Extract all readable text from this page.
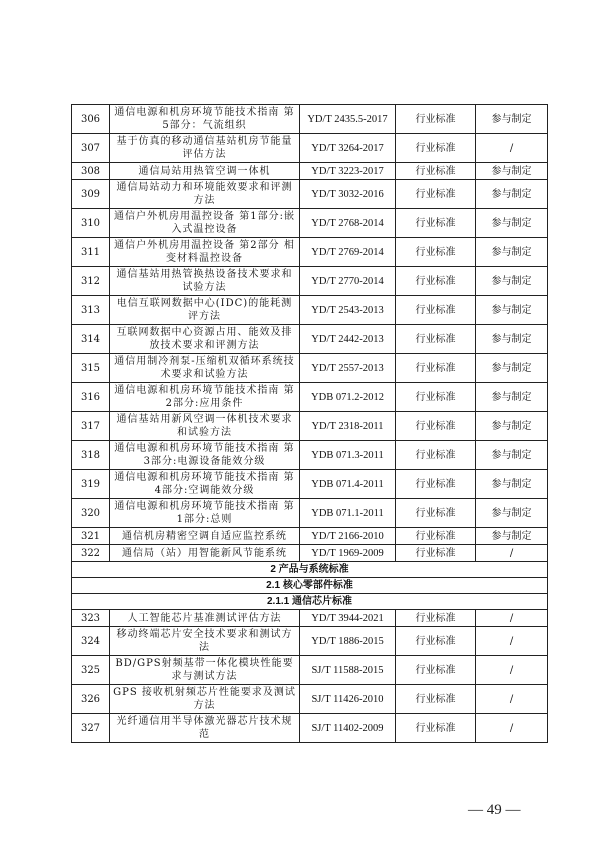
306	通信电源和机房环境节能技术指南 第5部分：气流组织	YD/T 2435.5-2017	行业标准	参与制定
307	基于仿真的移动通信基站机房节能量评估方法	YD/T 3264-2017	行业标准	/
308	通信局站用热管空调一体机	YD/T 3223-2017	行业标准	参与制定
309	通信局站动力和环境能效要求和评测方法	YD/T 3032-2016	行业标准	参与制定
310	通信户外机房用温控设备 第1部分:嵌入式温控设备	YD/T 2768-2014	行业标准	参与制定
311	通信户外机房用温控设备 第2部分 相变材料温控设备	YD/T 2769-2014	行业标准	参与制定
312	通信基站用热管换热设备技术要求和试验方法	YD/T 2770-2014	行业标准	参与制定
313	电信互联网数据中心(IDC)的能耗测评方法	YD/T 2543-2013	行业标准	参与制定
314	互联网数据中心资源占用、能效及排放技术要求和评测方法	YD/T 2442-2013	行业标准	参与制定
315	通信用制冷剂泵-压缩机双循环系统技术要求和试验方法	YD/T 2557-2013	行业标准	参与制定
316	通信电源和机房环境节能技术指南 第2部分:应用条件	YDB 071.2-2012	行业标准	参与制定
317	通信基站用新风空调一体机技术要求和试验方法	YD/T 2318-2011	行业标准	参与制定
318	通信电源和机房环境节能技术指南 第3部分:电源设备能效分级	YDB 071.3-2011	行业标准	参与制定
319	通信电源和机房环境节能技术指南 第4部分:空调能效分级	YDB 071.4-2011	行业标准	参与制定
320	通信电源和机房环境节能技术指南 第1部分:总则	YDB 071.1-2011	行业标准	参与制定
321	通信机房精密空调自适应监控系统	YD/T 2166-2010	行业标准	参与制定
322	通信局（站）用智能新风节能系统	YD/T 1969-2009	行业标准	/
2 产品与系统标准				
2.1 核心零部件标准				
2.1.1 通信芯片标准				
323	人工智能芯片基准测试评估方法	YD/T 3944-2021	行业标准	/
324	移动终端芯片安全技术要求和测试方法	YD/T 1886-2015	行业标准	/
325	BD/GPS射频基带一体化模块性能要求与测试方法	SJ/T 11588-2015	行业标准	/
326	GPS 接收机射频芯片性能要求及测试方法	SJ/T 11426-2010	行业标准	/
327	光纤通信用半导体激光器芯片技术规范	SJ/T 11402-2009	行业标准	/
— 49 —
